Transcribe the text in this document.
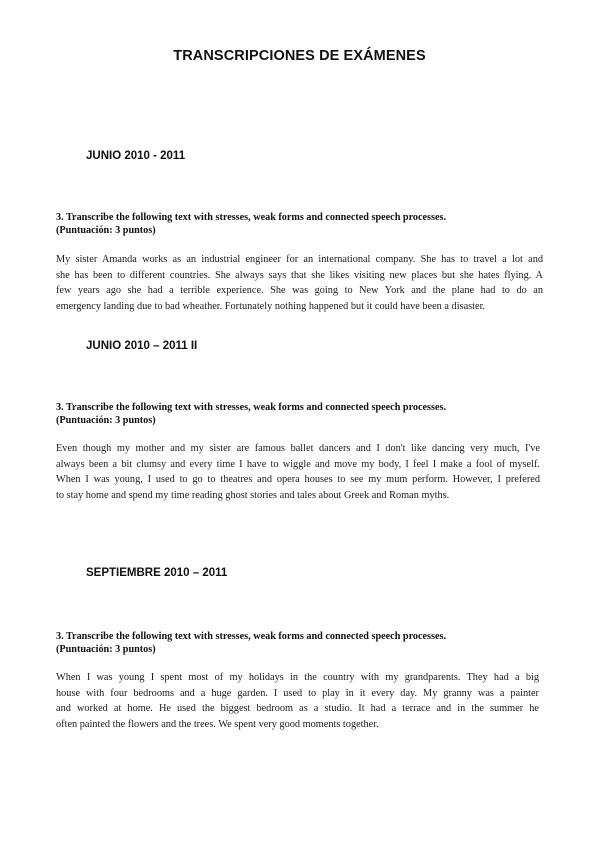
TRANSCRIPCIONES DE EXÁMENES
JUNIO 2010 - 2011
3. Transcribe the following text with stresses, weak forms and connected speech processes.
(Puntuación: 3 puntos)
My sister Amanda works as an industrial engineer for an international company. She has to travel a lot and
she has been to different countries. She always says that she likes visiting new places but she hates flying. A
few years ago she had a terrible experience. She was going to New York and the plane had to do an
emergency landing due to bad wheather. Fortunately nothing happened but it could have been a disaster.
JUNIO 2010 – 2011 II
3. Transcribe the following text with stresses, weak forms and connected speech processes.
(Puntuación: 3 puntos)
Even though my mother and my sister are famous ballet dancers and I don't like dancing very much, I've
always been a bit clumsy and every time I have to wiggle and move my body, I feel I make a fool of myself.
When I was young, I used to go to theatres and opera houses to see my mum perform. However, I prefered
to stay home and spend my time reading ghost stories and tales about Greek and Roman myths.
SEPTIEMBRE 2010 – 2011
3. Transcribe the following text with stresses, weak forms and connected speech processes.
(Puntuación: 3 puntos)
When I was young I spent most of my holidays in the country with my grandparents. They had a big
house with four bedrooms and a huge garden. I used to play in it every day. My granny was a painter
and worked at home. He used the biggest bedroom as a studio. It had a terrace and in the summer he
often painted the flowers and the trees. We spent very good moments together.
